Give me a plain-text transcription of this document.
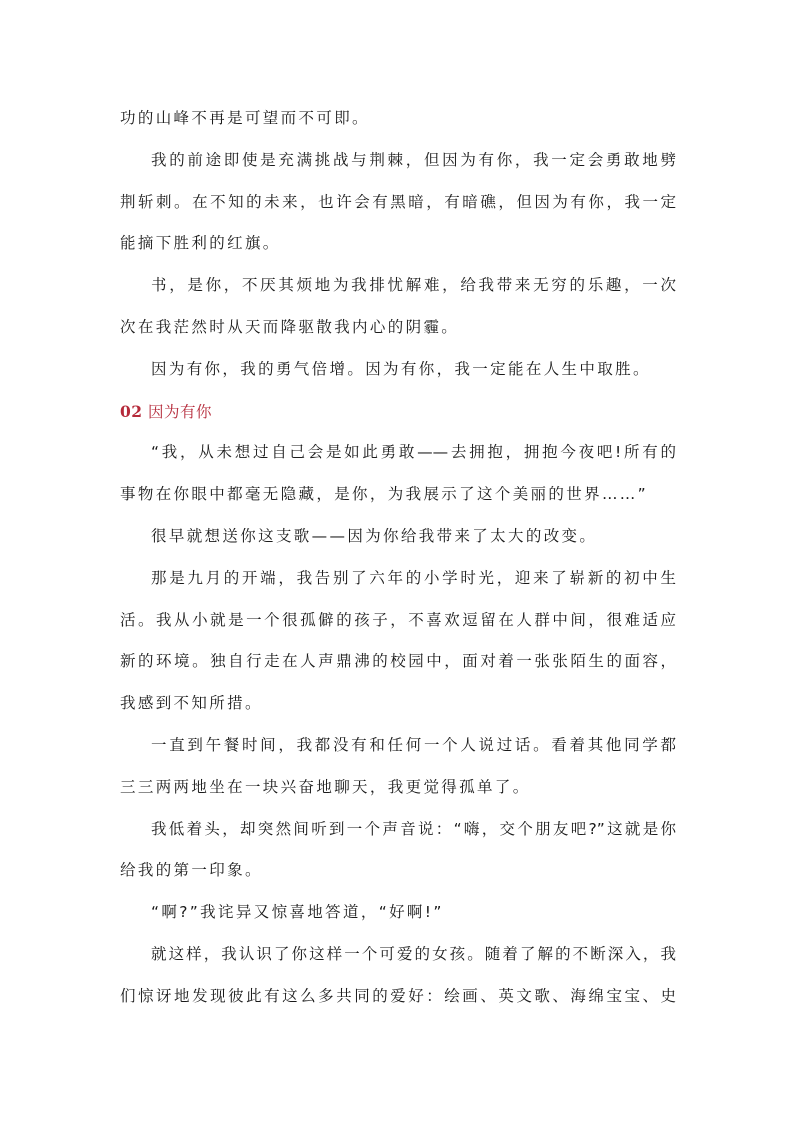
功的山峰不再是可望而不可即。
我的前途即使是充满挑战与荆棘，但因为有你，我一定会勇敢地劈
荆斩刺。在不知的未来，也许会有黑暗，有暗礁，但因为有你，我一定
能摘下胜利的红旗。
书，是你，不厌其烦地为我排忧解难，给我带来无穷的乐趣，一次
次在我茫然时从天而降驱散我内心的阴霾。
因为有你，我的勇气倍增。因为有你，我一定能在人生中取胜。
02 因为有你
“我，从未想过自己会是如此勇敢——去拥抱，拥抱今夜吧!所有的
事物在你眼中都毫无隐藏，是你，为我展示了这个美丽的世界……”
很早就想送你这支歌——因为你给我带来了太大的改变。
那是九月的开端，我告别了六年的小学时光，迎来了崭新的初中生
活。我从小就是一个很孤僻的孩子，不喜欢逗留在人群中间，很难适应
新的环境。独自行走在人声鼎沸的校园中，面对着一张张陌生的面容，
我感到不知所措。
一直到午餐时间，我都没有和任何一个人说过话。看着其他同学都
三三两两地坐在一块兴奋地聊天，我更觉得孤单了。
我低着头，却突然间听到一个声音说：“嗨，交个朋友吧?”这就是你
给我的第一印象。
“啊?”我诧异又惊喜地答道，“好啊!”
就这样，我认识了你这样一个可爱的女孩。随着了解的不断深入，我
们惊讶地发现彼此有这么多共同的爱好：绘画、英文歌、海绵宝宝、史
